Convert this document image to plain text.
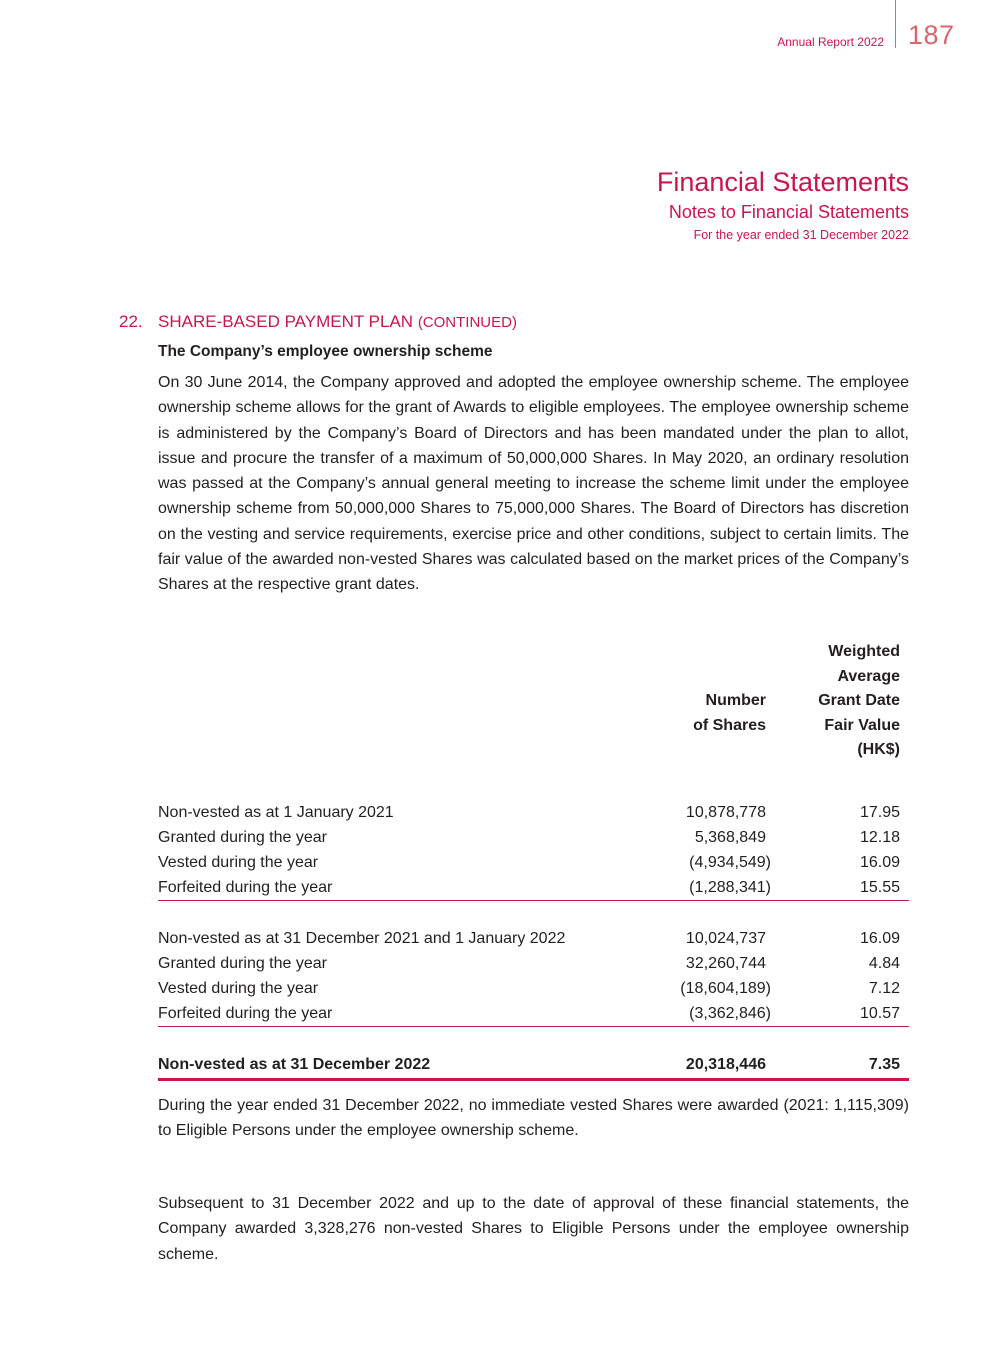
Annual Report 2022 187
Financial Statements
Notes to Financial Statements
For the year ended 31 December 2022
22. SHARE-BASED PAYMENT PLAN (CONTINUED)
The Company’s employee ownership scheme

On 30 June 2014, the Company approved and adopted the employee ownership scheme. The employee ownership scheme allows for the grant of Awards to eligible employees. The employee ownership scheme is administered by the Company’s Board of Directors and has been mandated under the plan to allot, issue and procure the transfer of a maximum of 50,000,000 Shares. In May 2020, an ordinary resolution was passed at the Company’s annual general meeting to increase the scheme limit under the employee ownership scheme from 50,000,000 Shares to 75,000,000 Shares. The Board of Directors has discretion on the vesting and service requirements, exercise price and other conditions, subject to certain limits. The fair value of the awarded non-vested Shares was calculated based on the market prices of the Company’s Shares at the respective grant dates.

Number
of Shares
Weighted
Average
Grant Date
Fair Value
(HK$)
Non-vested as at 1 January 2021	10,878,778	17.95
Granted during the year	5,368,849	12.18
Vested during the year	(4,934,549)	16.09
Forfeited during the year	(1,288,341)	15.55
Non-vested as at 31 December 2021 and 1 January 2022	10,024,737	16.09
Granted during the year	32,260,744	4.84
Vested during the year	(18,604,189)	7.12
Forfeited during the year	(3,362,846)	10.57
Non-vested as at 31 December 2022	20,318,446	7.35

During the year ended 31 December 2022, no immediate vested Shares were awarded (2021: 1,115,309) to Eligible Persons under the employee ownership scheme.

Subsequent to 31 December 2022 and up to the date of approval of these financial statements, the Company awarded 3,328,276 non-vested Shares to Eligible Persons under the employee ownership scheme.
